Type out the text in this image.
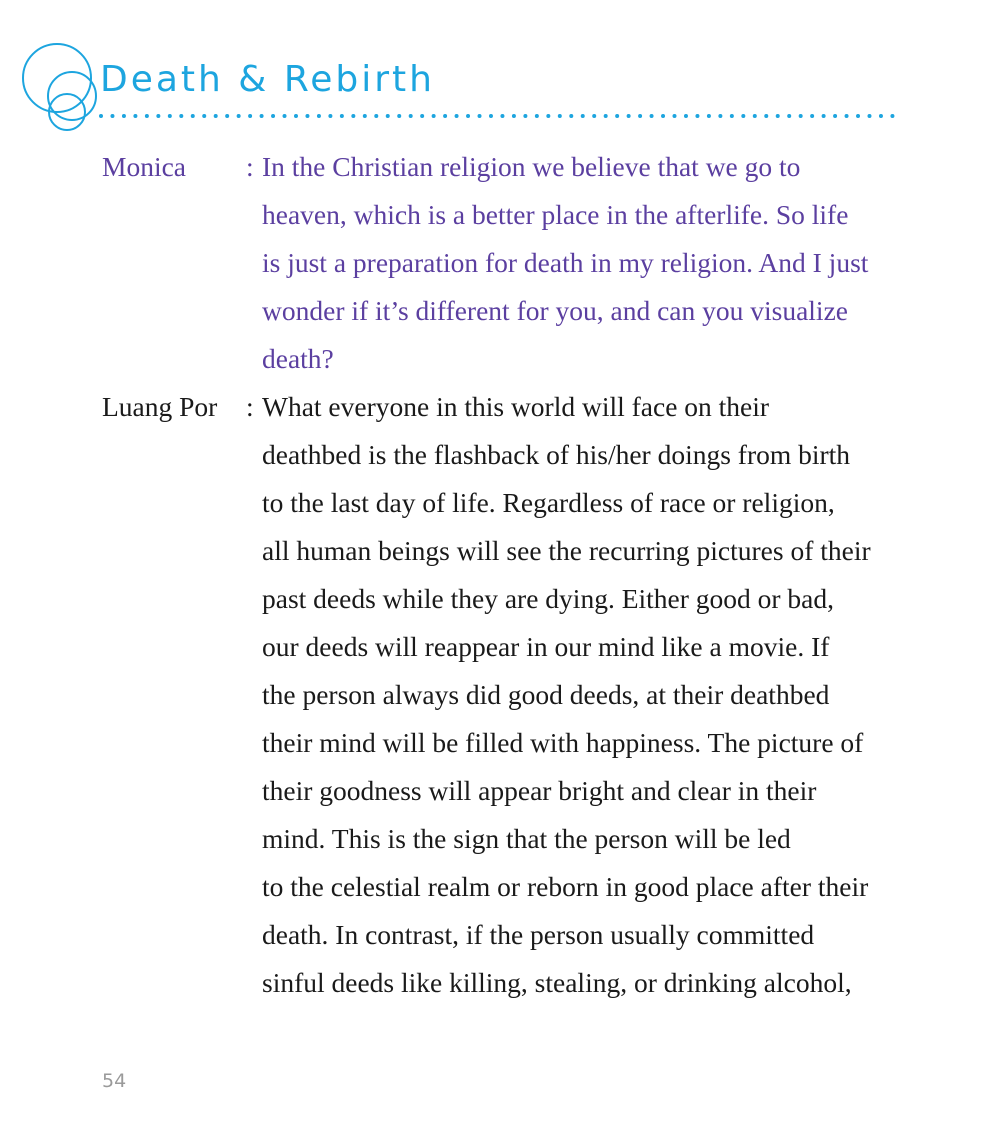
Death & Rebirth
Monica	: In the Christian religion we believe that we go to
heaven, which is a better place in the afterlife. So life
is just a preparation for death in my religion. And I just
wonder if it’s different for you, and can you visualize
death?
Luang Por	: What everyone in this world will face on their
deathbed is the flashback of his/her doings from birth
to the last day of life. Regardless of race or religion,
all human beings will see the recurring pictures of their
past deeds while they are dying. Either good or bad,
our deeds will reappear in our mind like a movie. If
the person always did good deeds, at their deathbed
their mind will be filled with happiness. The picture of
their goodness will appear bright and clear in their
mind. This is the sign that the person will be led
to the celestial realm or reborn in good place after their
death. In contrast, if the person usually committed
sinful deeds like killing, stealing, or drinking alcohol,
54
